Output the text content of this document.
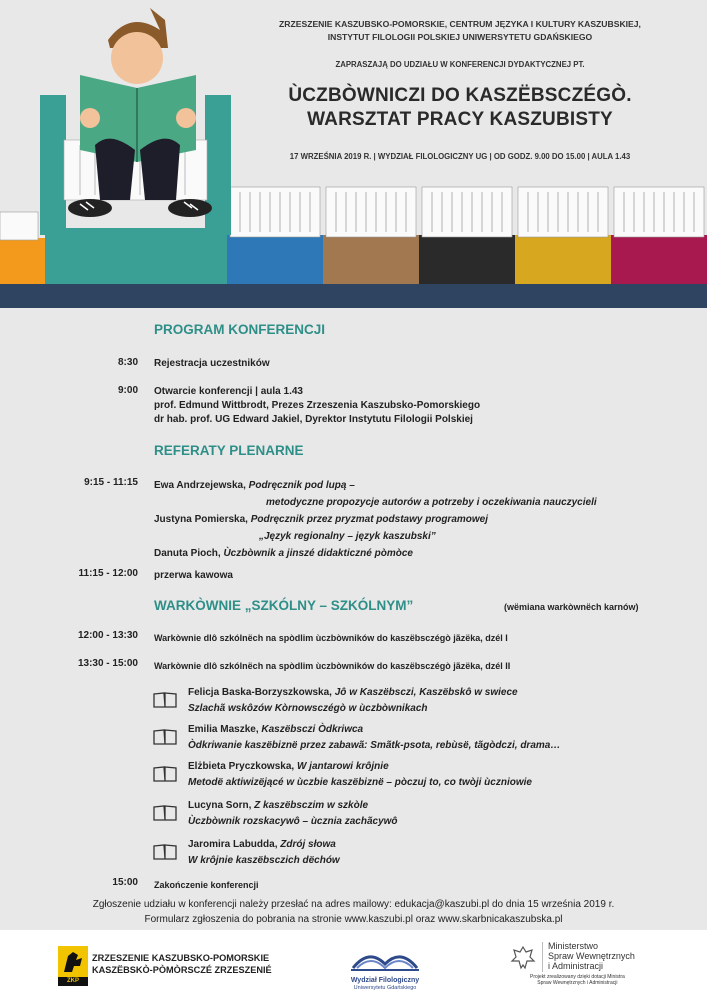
ZRZESZENIE KASZUBSKO-POMORSKIE, CENTRUM JĘZYKA I KULTURY KASZUBSKIEJ,
INSTYTUT FILOLOGII POLSKIEJ UNIWERSYTETU GDAŃSKIEGO
ZAPRASZAJĄ DO UDZIAŁU W KONFERENCJI DYDAKTYCZNEJ PT.
ÙCZBÒWNICZI DO KASZËBSCZÉGÒ.
WARSZTAT PRACY KASZUBISTY
17 WRZEŚNIA 2019 R. | WYDZIAŁ FILOLOGICZNY UG | OD GODZ. 9.00 DO 15.00 | AULA 1.43
PROGRAM KONFERENCJI
8:30 Rejestracja uczestników
9:00 Otwarcie konferencji | aula 1.43
prof. Edmund Wittbrodt, Prezes Zrzeszenia Kaszubsko-Pomorskiego
dr hab. prof. UG Edward Jakiel, Dyrektor Instytutu Filologii Polskiej
REFERATY PLENARNE
9:15 - 11:15 Ewa Andrzejewska, Podręcznik pod lupą –
metodyczne propozycje autorów a potrzeby i oczekiwania nauczycieli
Justyna Pomierska, Podręcznik przez pryzmat podstawy programowej
„Język regionalny – język kaszubski”
Danuta Pioch, Ùczbòwnik a jinszé didakticzné pòmòce
11:15 - 12:00 przerwa kawowa
WARKÒWNIE „SZKÓLNY – SZKÓLNYM”	(wëmiana warkòwnëch karnów)
12:00 - 13:30 Warkòwnie dlô szkólnëch na spòdlim ùczbòwników do kaszëbsczégò jãzëka, dzél I
13:30 - 15:00 Warkòwnie dlô szkólnëch na spòdlim ùczbòwników do kaszëbsczégò jãzëka, dzél II
Felicja Baska-Borzyszkowska, Jô w Kaszëbsczi, Kaszëbskô w swiece
Szlachã wskôzów Kòrnowsczégò w ùczbòwnikach
Emilia Maszke, Kaszëbsczi Òdkriwca
Òdkriwanie kaszëbiznë przez zabawã: Smãtk-psota, rebùsë, tãgòdczi, drama…
Elżbieta Pryczkowska, W jantarowi krôjnie
Metodë aktiwizëjącé w ùczbie kaszëbiznë – pòczuj to, co twòji ùczniowie
Lucyna Sorn, Z kaszëbsczim w szkòle
Ùczbòwnik rozskacywô – ùcznia zachãcywô
Jaromira Labudda, Zdrój słowa
W krôjnie kaszëbsczich dëchów
15:00 Zakończenie konferencji
Zgłoszenie udziału w konferencji należy przesłać na adres mailowy: edukacja@kaszubi.pl do dnia 15 września 2019 r.
Formularz zgłoszenia do pobrania na stronie www.kaszubi.pl oraz www.skarbnicakaszubska.pl
ZKP
ZRZESZENIE KASZUBSKO-POMORSKIE
KASZËBSKÒ-PÒMÒRSCZÉ ZRZESZENIÉ
Wydział Filologiczny
Uniwersytetu Gdańskiego
Ministerstwo
Spraw Wewnętrznych
i Administracji
Projekt zrealizowany dzięki dotacji Ministra
Spraw Wewnętrznych i Administracji
